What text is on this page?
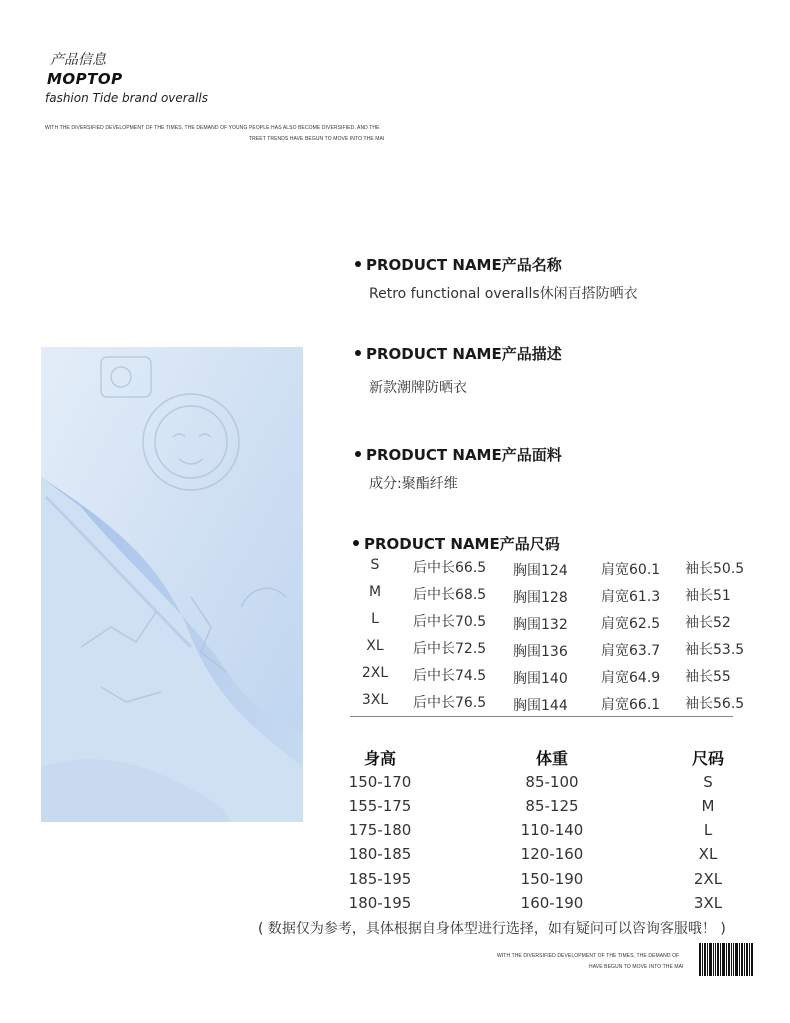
产品信息
MOPTOP
fashion Tide brand overalls
WITH THE DIVERSIFIED DEVELOPMENT OF THE TIMES, THE DEMAND OF YOUNG PEOPLE HAS ALSO BECOME DIVERSIFIED, AND THE
TREET TRENDS HAVE BEGUN TO MOVE INTO THE MAI
PRODUCT NAME产品名称
Retro functional overalls休闲百搭防晒衣
PRODUCT NAME产品描述
新款潮牌防晒衣
PRODUCT NAME产品面料
成分:聚酯纤维
PRODUCT NAME产品尺码
S	后中长66.5 胸围124 肩宽60.1 袖长50.5
M	后中长68.5 胸围128 肩宽61.3 袖长51
L	后中长70.5 胸围132 肩宽62.5 袖长52
XL	后中长72.5 胸围136 肩宽63.7 袖长53.5
2XL 后中长74.5 胸围140 肩宽64.9 袖长55
3XL 后中长76.5 胸围144 肩宽66.1 袖长56.5
身高	体重	尺码
150-170	85-100	S
155-175	85-125	M
175-180	110-140	L
180-185	120-160	XL
185-195	150-190	2XL
180-195	160-190	3XL
( 数据仅为参考，具体根据自身体型进行选择，如有疑问可以咨询客服哦！ )
WITH THE DIVERSIFIED DEVELOPMENT OF THE TIMES, THE DEMAND OF
HAVE BEGUN TO MOVE INTO THE MAI
